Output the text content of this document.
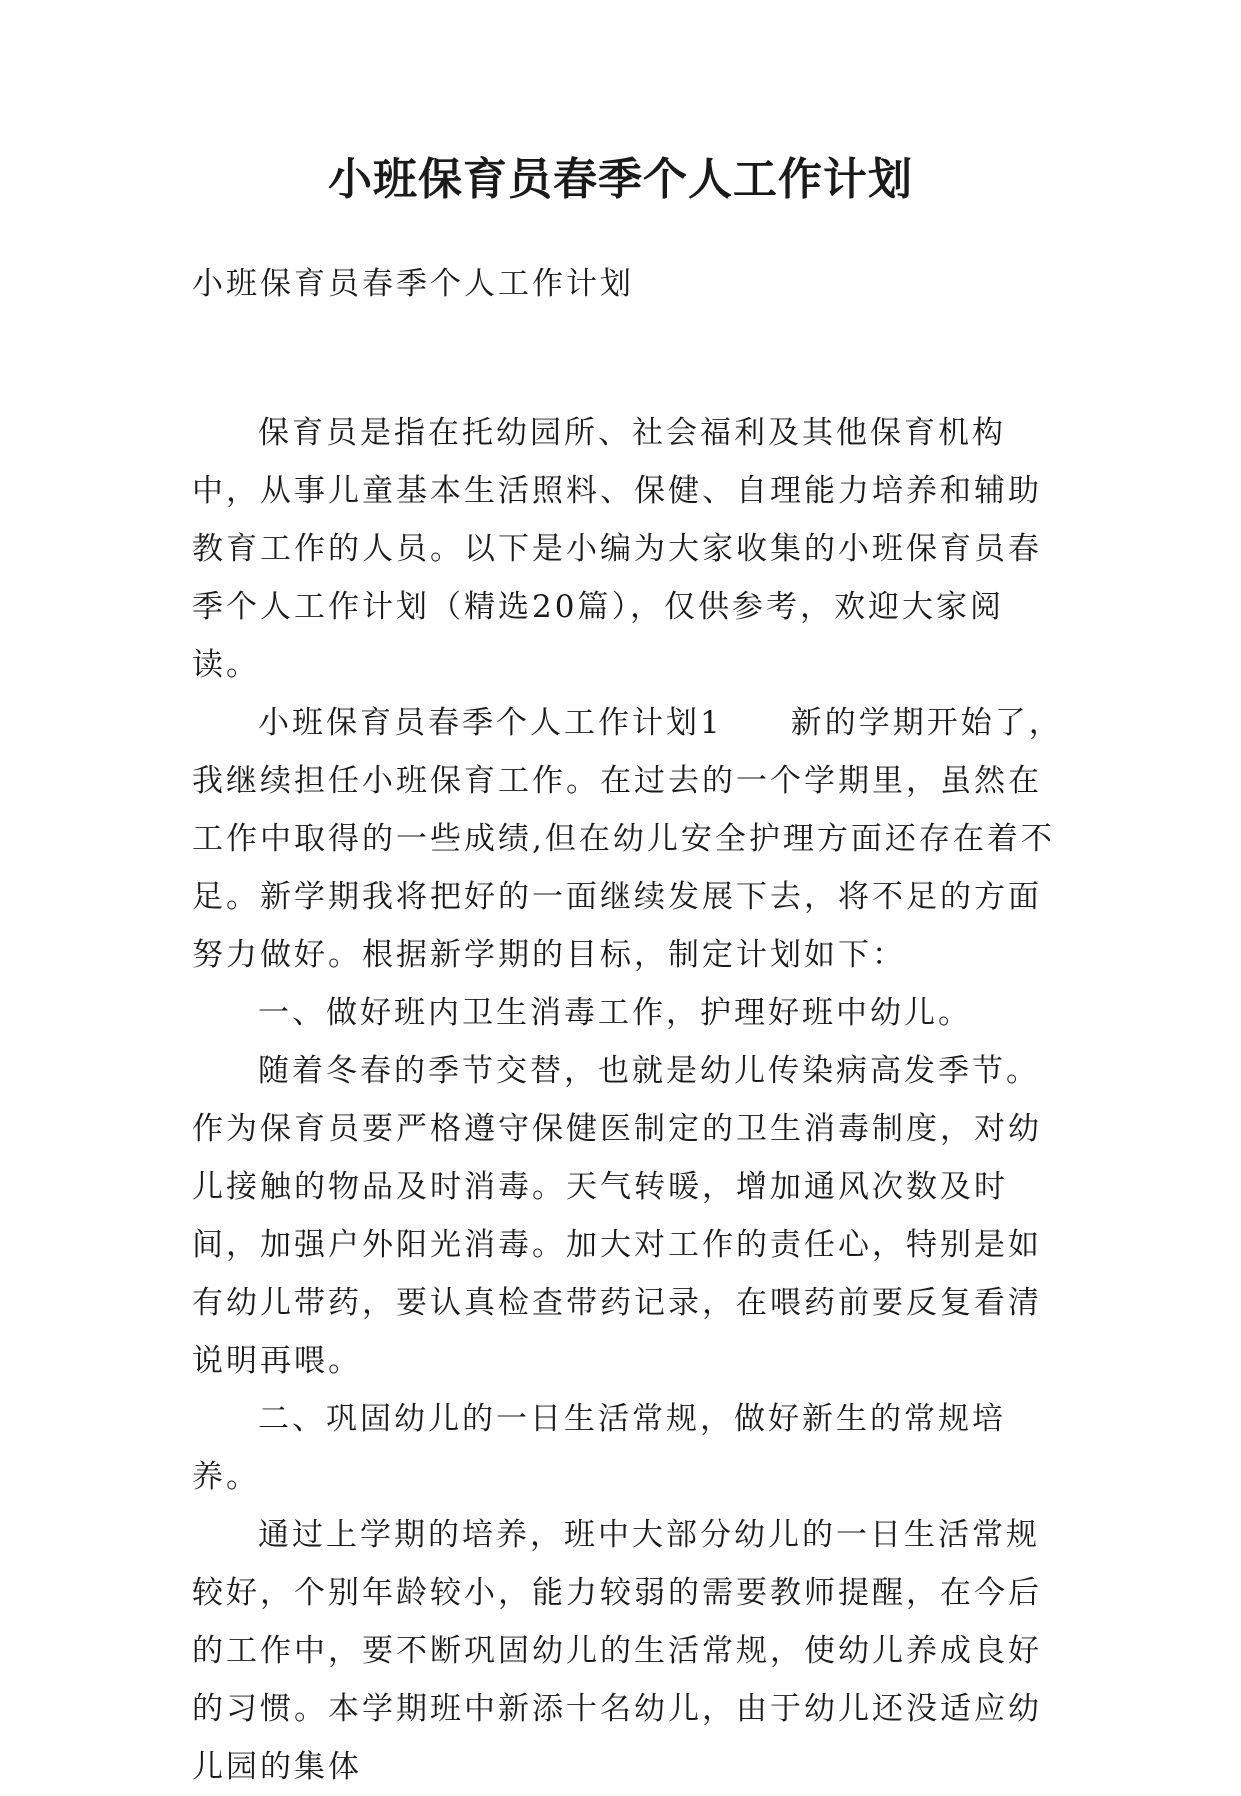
小班保育员春季个人工作计划
小班保育员春季个人工作计划

保育员是指在托幼园所、社会福利及其他保育机构中，从事儿童基本生活照料、保健、自理能力培养和辅助教育工作的人员。以下是小编为大家收集的小班保育员春季个人工作计划（精选20篇），仅供参考，欢迎大家阅读。

小班保育员春季个人工作计划1　　新的学期开始了，我继续担任小班保育工作。在过去的一个学期里，虽然在工作中取得的一些成绩,但在幼儿安全护理方面还存在着不足。新学期我将把好的一面继续发展下去，将不足的方面努力做好。根据新学期的目标，制定计划如下：

一、做好班内卫生消毒工作，护理好班中幼儿。

随着冬春的季节交替，也就是幼儿传染病高发季节。作为保育员要严格遵守保健医制定的卫生消毒制度，对幼儿接触的物品及时消毒。天气转暖，增加通风次数及时间，加强户外阳光消毒。加大对工作的责任心，特别是如有幼儿带药，要认真检查带药记录，在喂药前要反复看清说明再喂。

二、巩固幼儿的一日生活常规，做好新生的常规培养。

通过上学期的培养，班中大部分幼儿的一日生活常规较好，个别年龄较小，能力较弱的需要教师提醒，在今后的工作中，要不断巩固幼儿的生活常规，使幼儿养成良好的习惯。本学期班中新添十名幼儿，由于幼儿还没适应幼儿园的集体
